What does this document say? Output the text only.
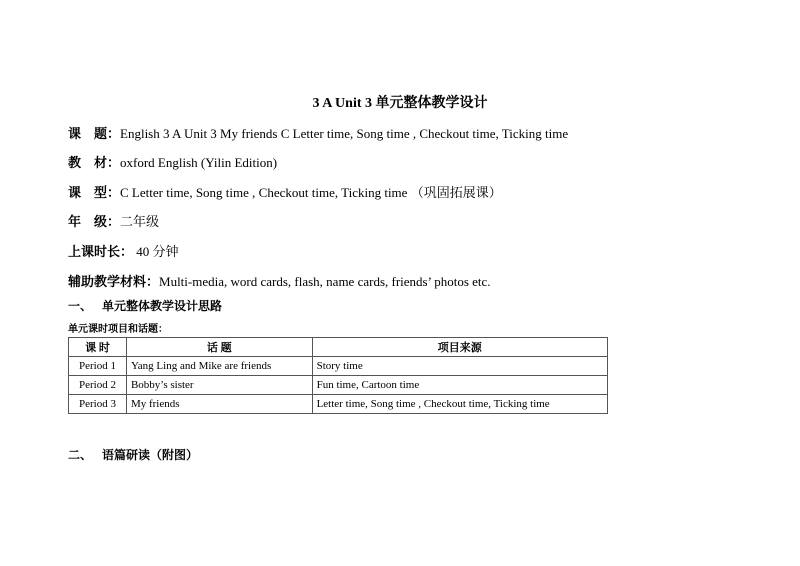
3 A Unit 3 单元整体教学设计
课    题：English 3 A Unit 3 My friends C Letter time, Song time , Checkout time, Ticking time
教    材：oxford English (Yilin Edition)
课    型：C Letter time, Song time , Checkout time, Ticking time （巩固拓展课）
年    级：二年级
上课时长： 40 分钟
辅助教学材料：Multi-media, word cards, flash, name cards, friends’ photos etc.
一、 单元整体教学设计思路
单元课时项目和话题：
课 时	话 题	项目来源
Period 1	Yang Ling and Mike are friends	Story time
Period 2	Bobby’s sister	Fun time, Cartoon time
Period 3	My friends	Letter time, Song time , Checkout time, Ticking time
二、 语篇研读（附图）
